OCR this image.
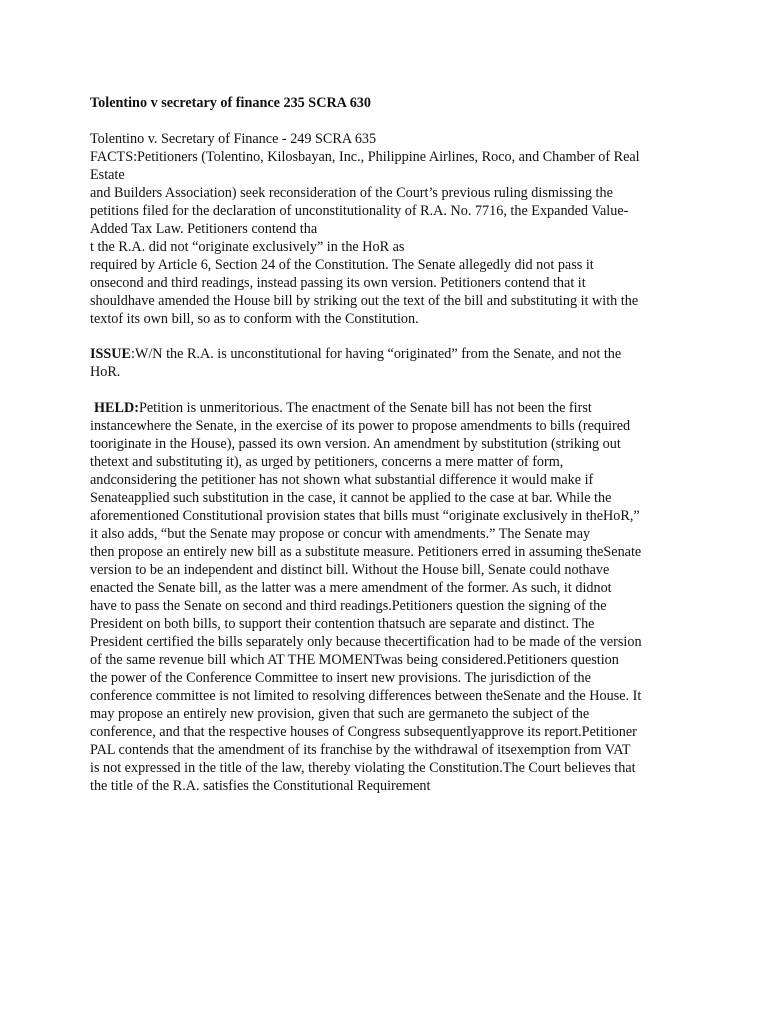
Tolentino v secretary of finance 235 SCRA 630
Tolentino v. Secretary of Finance - 249 SCRA 635
FACTS:Petitioners (Tolentino, Kilosbayan, Inc., Philippine Airlines, Roco, and Chamber of Real
Estate
and Builders Association) seek reconsideration of the Court’s previous ruling dismissing the
petitions filed for the declaration of unconstitutionality of R.A. No. 7716, the Expanded Value-
Added Tax Law. Petitioners contend tha
t the R.A. did not “originate exclusively” in the HoR as
required by Article 6, Section 24 of the Constitution. The Senate allegedly did not pass it
onsecond and third readings, instead passing its own version. Petitioners contend that it
shouldhave amended the House bill by striking out the text of the bill and substituting it with the
textof its own bill, so as to conform with the Constitution.
ISSUE:W/N the R.A. is unconstitutional for having “originated” from the Senate, and not the
HoR.
HELD:Petition is unmeritorious. The enactment of the Senate bill has not been the first
instancewhere the Senate, in the exercise of its power to propose amendments to bills (required
tooriginate in the House), passed its own version. An amendment by substitution (striking out
thetext and substituting it), as urged by petitioners, concerns a mere matter of form,
andconsidering the petitioner has not shown what substantial difference it would make if
Senateapplied such substitution in the case, it cannot be applied to the case at bar. While the
aforementioned Constitutional provision states that bills must “originate exclusively in theHoR,”
it also adds, “but the Senate may propose or concur with amendments.” The Senate may
then propose an entirely new bill as a substitute measure. Petitioners erred in assuming theSenate
version to be an independent and distinct bill. Without the House bill, Senate could nothave
enacted the Senate bill, as the latter was a mere amendment of the former. As such, it didnot
have to pass the Senate on second and third readings.Petitioners question the signing of the
President on both bills, to support their contention thatsuch are separate and distinct. The
President certified the bills separately only because thecertification had to be made of the version
of the same revenue bill which AT THE MOMENTwas being considered.Petitioners question
the power of the Conference Committee to insert new provisions. The jurisdiction of the
conference committee is not limited to resolving differences between theSenate and the House. It
may propose an entirely new provision, given that such are germaneto the subject of the
conference, and that the respective houses of Congress subsequentlyapprove its report.Petitioner
PAL contends that the amendment of its franchise by the withdrawal of itsexemption from VAT
is not expressed in the title of the law, thereby violating the Constitution.The Court believes that
the title of the R.A. satisfies the Constitutional Requirement
